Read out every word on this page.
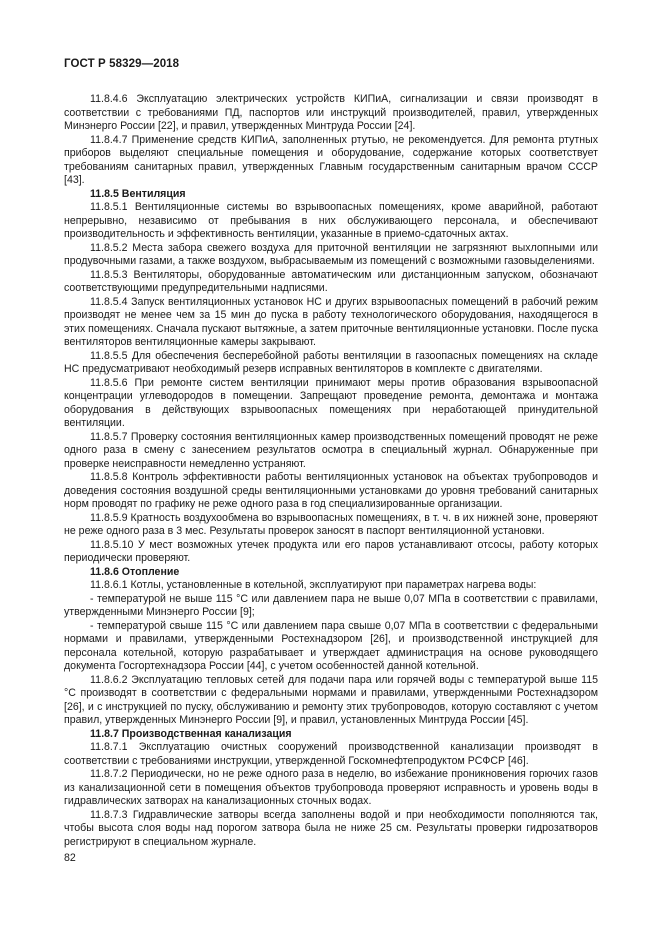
ГОСТ Р 58329—2018

11.8.4.6 Эксплуатацию электрических устройств КИПиА, сигнализации и связи производят в соответствии с требованиями ПД, паспортов или инструкций производителей, правил, утвержденных Минэнерго России [22], и правил, утвержденных Минтруда России [24].

11.8.4.7 Применение средств КИПиА, заполненных ртутью, не рекомендуется. Для ремонта ртутных приборов выделяют специальные помещения и оборудование, содержание которых соответствует требованиям санитарных правил, утвержденных Главным государственным санитарным врачом СССР [43].

11.8.5 Вентиляция

11.8.5.1 Вентиляционные системы во взрывоопасных помещениях, кроме аварийной, работают непрерывно, независимо от пребывания в них обслуживающего персонала, и обеспечивают производительность и эффективность вентиляции, указанные в приемо-сдаточных актах.

11.8.5.2 Места забора свежего воздуха для приточной вентиляции не загрязняют выхлопными или продувочными газами, а также воздухом, выбрасываемым из помещений с возможными газовыделениями.

11.8.5.3 Вентиляторы, оборудованные автоматическим или дистанционным запуском, обозначают соответствующими предупредительными надписями.

11.8.5.4 Запуск вентиляционных установок НС и других взрывоопасных помещений в рабочий режим производят не менее чем за 15 мин до пуска в работу технологического оборудования, находящегося в этих помещениях. Сначала пускают вытяжные, а затем приточные вентиляционные установки. После пуска вентиляторов вентиляционные камеры закрывают.

11.8.5.5 Для обеспечения бесперебойной работы вентиляции в газоопасных помещениях на складе НС предусматривают необходимый резерв исправных вентиляторов в комплекте с двигателями.

11.8.5.6 При ремонте систем вентиляции принимают меры против образования взрывоопасной концентрации углеводородов в помещении. Запрещают проведение ремонта, демонтажа и монтажа оборудования в действующих взрывоопасных помещениях при неработающей принудительной вентиляции.

11.8.5.7 Проверку состояния вентиляционных камер производственных помещений проводят не реже одного раза в смену с занесением результатов осмотра в специальный журнал. Обнаруженные при проверке неисправности немедленно устраняют.

11.8.5.8 Контроль эффективности работы вентиляционных установок на объектах трубопроводов и доведения состояния воздушной среды вентиляционными установками до уровня требований санитарных норм проводят по графику не реже одного раза в год специализированные организации.

11.8.5.9 Кратность воздухообмена во взрывоопасных помещениях, в т. ч. в их нижней зоне, проверяют не реже одного раза в 3 мес. Результаты проверок заносят в паспорт вентиляционной установки.

11.8.5.10 У мест возможных утечек продукта или его паров устанавливают отсосы, работу которых периодически проверяют.

11.8.6 Отопление

11.8.6.1 Котлы, установленные в котельной, эксплуатируют при параметрах нагрева воды:

- температурой не выше 115 °С или давлением пара не выше 0,07 МПа в соответствии с правилами, утвержденными Минэнерго России [9];

- температурой свыше 115 °С или давлением пара свыше 0,07 МПа в соответствии с федеральными нормами и правилами, утвержденными Ростехнадзором [26], и производственной инструкцией для персонала котельной, которую разрабатывает и утверждает администрация на основе руководящего документа Госгортехнадзора России [44], с учетом особенностей данной котельной.

11.8.6.2 Эксплуатацию тепловых сетей для подачи пара или горячей воды с температурой выше 115 °С производят в соответствии с федеральными нормами и правилами, утвержденными Ростехнадзором [26], и с инструкцией по пуску, обслуживанию и ремонту этих трубопроводов, которую составляют с учетом правил, утвержденных Минэнерго России [9], и правил, установленных Минтруда России [45].

11.8.7 Производственная канализация

11.8.7.1 Эксплуатацию очистных сооружений производственной канализации производят в соответствии с требованиями инструкции, утвержденной Госкомнефтепродуктом РСФСР [46].

11.8.7.2 Периодически, но не реже одного раза в неделю, во избежание проникновения горючих газов из канализационной сети в помещения объектов трубопровода проверяют исправность и уровень воды в гидравлических затворах на канализационных сточных водах.

11.8.7.3 Гидравлические затворы всегда заполнены водой и при необходимости пополняются так, чтобы высота слоя воды над порогом затвора была не ниже 25 см. Результаты проверки гидрозатворов регистрируют в специальном журнале.

82
